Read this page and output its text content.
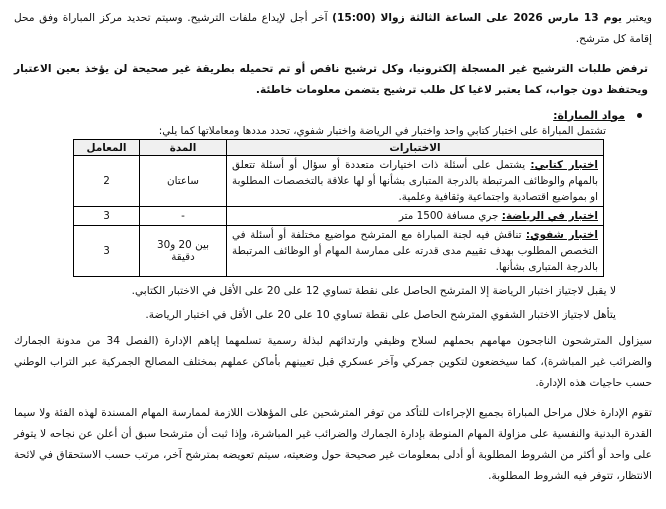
ويعتبر يوم 13 مارس 2026 على الساعة الثالثة زوالا (15:00) آخر أجل لإيداع ملفات الترشيح. وسيتم تحديد مركز المباراة وفق محل إقامة كل مترشح.

ترفض طلبات الترشيح غير المسجلة إلكترونيا، وكل ترشيح ناقص أو تم تحميله بطريقة غير صحيحة لن يؤخذ بعين الاعتبار ويحتفظ دون جواب، كما يعتبر لاغيا كل طلب ترشيح يتضمن معلومات خاطئة.

مواد المباراة:

تشتمل المباراة على اختبار كتابي واحد واختبار في الرياضة واختبار شفوي، تحدد مددها ومعاملاتها كما يلي:

الاختبارات	المدة	المعامل
اختبار كتابي: يشتمل على أسئلة ذات اختيارات متعددة أو سؤال أو أسئلة تتعلق بالمهام والوظائف المرتبطة بالدرجة المتبارى بشأنها أو لها علاقة بالتخصصات المطلوبة او بمواضيع اقتصادية واجتماعية وثقافية وعلمية.	ساعتان	2
اختبار في الرياضة: جري مسافة 1500 متر	-	3
اختبار شفوي: تناقش فيه لجنة المباراة مع المترشح مواضيع مختلفة أو أسئلة في التخصص المطلوب بهدف تقييم مدى قدرته على ممارسة المهام أو الوظائف المرتبطة بالدرجة المتبارى بشأنها.	بين 20 و30 دقيقة	3

لا يقبل لاجتياز اختبار الرياضة إلا المترشح الحاصل على نقطة تساوي 12 على 20 على الأقل في الاختبار الكتابي.

يتأهل لاجتياز الاختبار الشفوي المترشح الحاصل على نقطة تساوي 10 على 20 على الأقل في اختبار الرياضة.

سيزاول المترشحون الناجحون مهامهم بحملهم لسلاح وظيفي وارتدائهم لبذلة رسمية تسلمهما إياهم الإدارة (الفصل 34 من مدونة الجمارك والضرائب غير المباشرة)، كما سيخضعون لتكوين جمركي وآخر عسكري قبل تعيينهم بأماكن عملهم بمختلف المصالح الجمركية عبر التراب الوطني حسب حاجيات هذه الإدارة.

تقوم الإدارة خلال مراحل المباراة بجميع الإجراءات للتأكد من توفر المترشحين على المؤهلات اللازمة لممارسة المهام المسندة لهذه الفئة ولا سيما القدرة البدنية والنفسية على مزاولة المهام المنوطة بإدارة الجمارك والضرائب غير المباشرة، وإذا ثبت أن مترشحا سبق أن أعلن عن نجاحه لا يتوفر على واحد أو أكثر من الشروط المطلوبة أو أدلى بمعلومات غير صحيحة حول وضعيته، سيتم تعويضه بمترشح آخر، مرتب حسب الاستحقاق في لائحة الانتظار، تتوفر فيه الشروط المطلوبة.
